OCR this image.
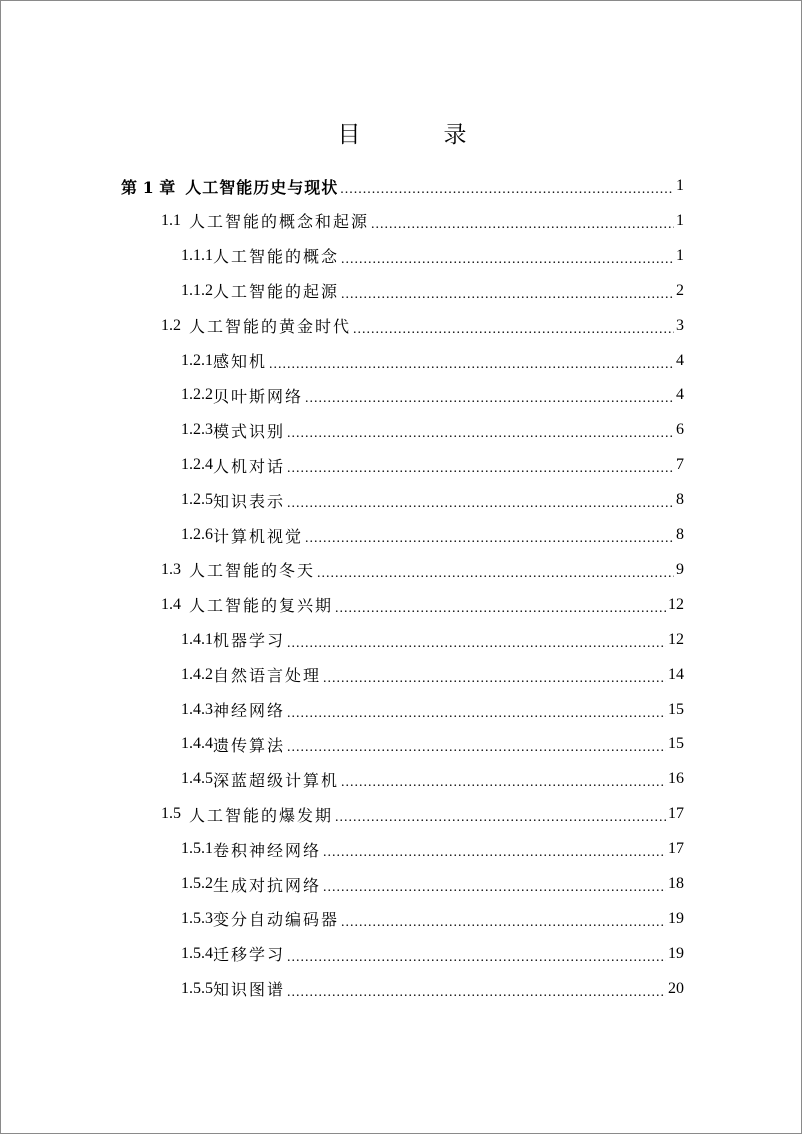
目　录
第 1 章 人工智能历史与现状 .....	1
1.1 人工智能的概念和起源 .....	1
1.1.1 人工智能的概念 .....	1
1.1.2 人工智能的起源 .....	2
1.2 人工智能的黄金时代 .....	3
1.2.1 感知机 .....	4
1.2.2 贝叶斯网络 .....	4
1.2.3 模式识别 .....	6
1.2.4 人机对话 .....	7
1.2.5 知识表示 .....	8
1.2.6 计算机视觉 .....	8
1.3 人工智能的冬天 .....	9
1.4 人工智能的复兴期 .....	12
1.4.1 机器学习 .....	12
1.4.2 自然语言处理 .....	14
1.4.3 神经网络 .....	15
1.4.4 遗传算法 .....	15
1.4.5 深蓝超级计算机 .....	16
1.5 人工智能的爆发期 .....	17
1.5.1 卷积神经网络 .....	17
1.5.2 生成对抗网络 .....	18
1.5.3 变分自动编码器 .....	19
1.5.4 迁移学习 .....	19
1.5.5 知识图谱 .....	20
